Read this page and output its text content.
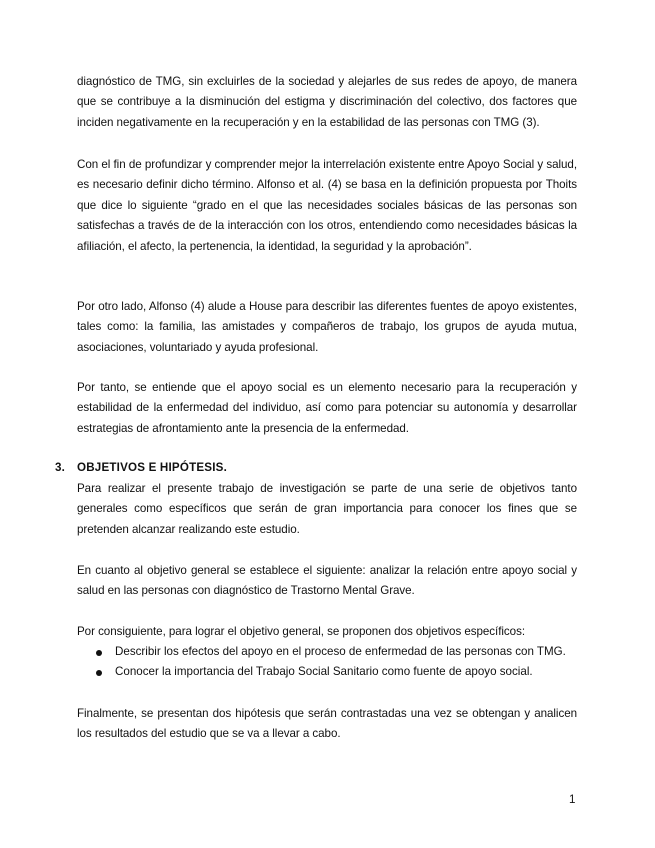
diagnóstico de TMG, sin excluirles de la sociedad y alejarles de sus redes de apoyo, de manera que se contribuye a la disminución del estigma y discriminación del colectivo, dos factores que inciden negativamente en la recuperación y en la estabilidad de las personas con TMG (3).

Con el fin de profundizar y comprender mejor la interrelación existente entre Apoyo Social y salud, es necesario definir dicho término. Alfonso et al. (4) se basa en la definición propuesta por Thoits que dice lo siguiente “grado en el que las necesidades sociales básicas de las personas son satisfechas a través de de la interacción con los otros, entendiendo como necesidades básicas la afiliación, el afecto, la pertenencia, la identidad, la seguridad y la aprobación”.

Por otro lado, Alfonso (4) alude a House para describir las diferentes fuentes de apoyo existentes, tales como: la familia, las amistades y compañeros de trabajo, los grupos de ayuda mutua, asociaciones, voluntariado y ayuda profesional.

Por tanto, se entiende que el apoyo social es un elemento necesario para la recuperación y estabilidad de la enfermedad del individuo, así como para potenciar su autonomía y desarrollar estrategias de afrontamiento ante la presencia de la enfermedad.

3. OBJETIVOS E HIPÓTESIS.

Para realizar el presente trabajo de investigación se parte de una serie de objetivos tanto generales como específicos que serán de gran importancia para conocer los fines que se pretenden alcanzar realizando este estudio.

En cuanto al objetivo general se establece el siguiente: analizar la relación entre apoyo social y salud en las personas con diagnóstico de Trastorno Mental Grave.

Por consiguiente, para lograr el objetivo general, se proponen dos objetivos específicos:

Describir los efectos del apoyo en el proceso de enfermedad de las personas con TMG.
Conocer la importancia del Trabajo Social Sanitario como fuente de apoyo social.

Finalmente, se presentan dos hipótesis que serán contrastadas una vez se obtengan y analicen los resultados del estudio que se va a llevar a cabo.

1
